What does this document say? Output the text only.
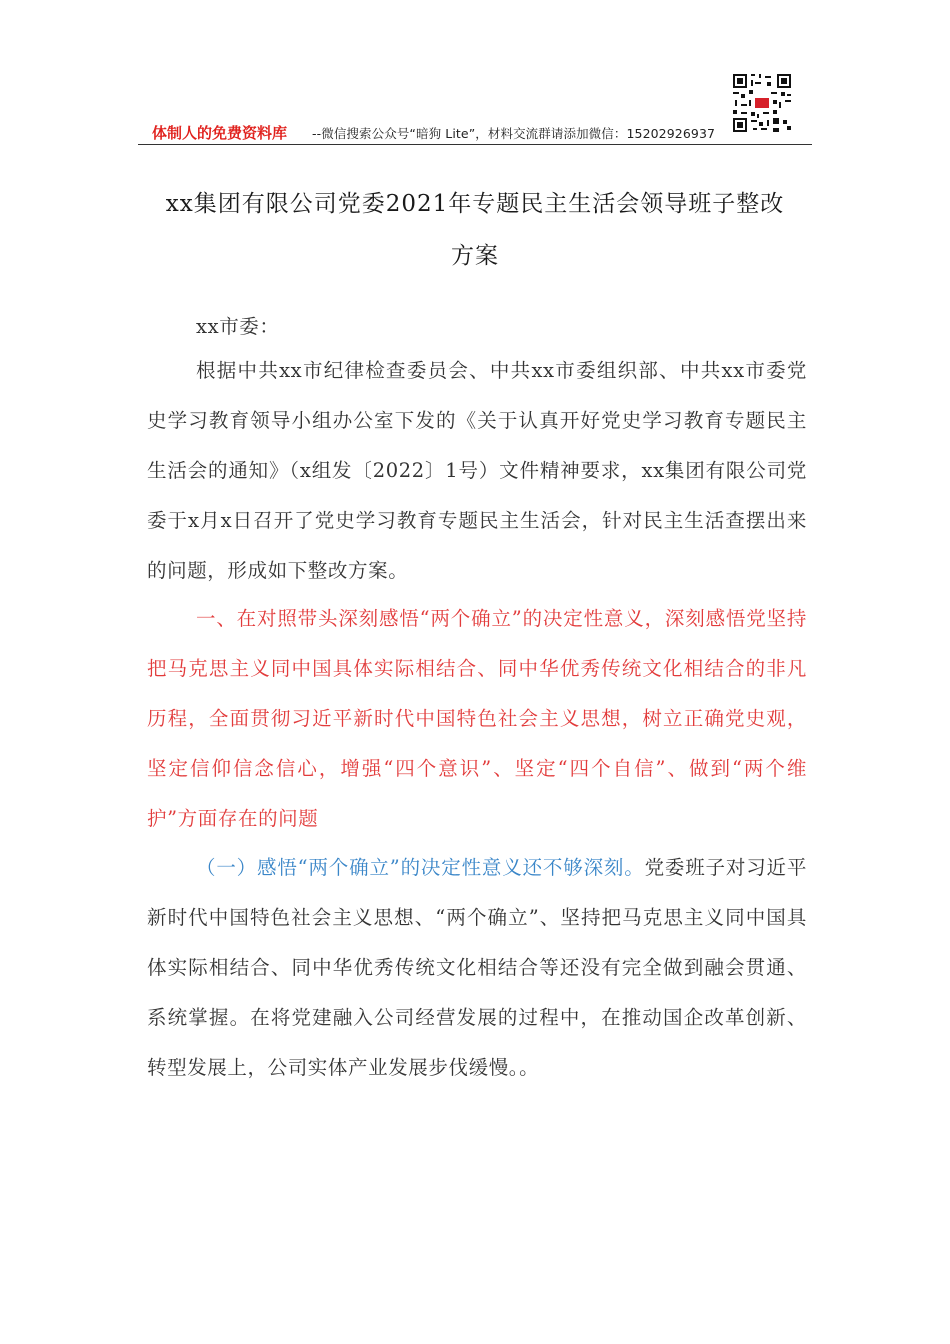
体制人的免费资料库 --微信搜索公众号“暗狗 Lite”，材料交流群请添加微信：15202926937
xx集团有限公司党委2021年专题民主生活会领导班子整改
方案

xx市委：

根据中共xx市纪律检查委员会、中共xx市委组织部、中共xx市委党史学习教育领导小组办公室下发的《关于认真开好党史学习教育专题民主生活会的通知》（x组发〔2022〕1号）文件精神要求，xx集团有限公司党委于x月x日召开了党史学习教育专题民主生活会，针对民主生活查摆出来的问题，形成如下整改方案。

一、在对照带头深刻感悟“两个确立”的决定性意义，深刻感悟党坚持把马克思主义同中国具体实际相结合、同中华优秀传统文化相结合的非凡历程，全面贯彻习近平新时代中国特色社会主义思想，树立正确党史观，坚定信仰信念信心，增强“四个意识”、坚定“四个自信”、做到“两个维护”方面存在的问题

（一）感悟“两个确立”的决定性意义还不够深刻。党委班子对习近平新时代中国特色社会主义思想、“两个确立”、坚持把马克思主义同中国具体实际相结合、同中华优秀传统文化相结合等还没有完全做到融会贯通、系统掌握。在将党建融入公司经营发展的过程中，在推动国企改革创新、转型发展上，公司实体产业发展步伐缓慢。。
